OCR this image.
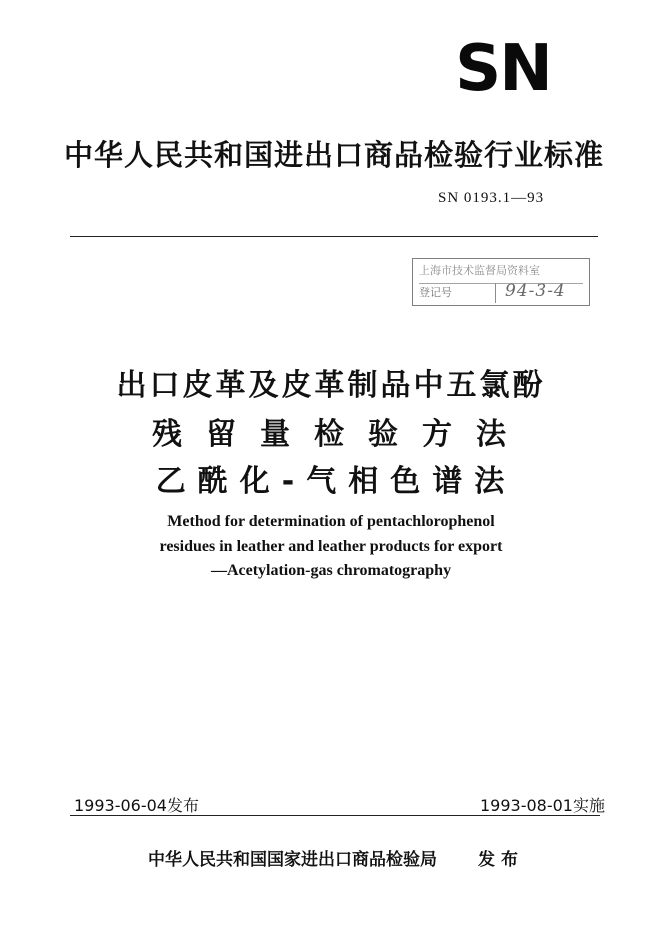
SN
中华人民共和国进出口商品检验行业标准
SN 0193.1—93
上海市技术监督局资料室
登记号	94-3-4
出口皮革及皮革制品中五氯酚
残留量检验方法
乙酰化-气相色谱法
Method for determination of pentachlorophenol
residues in leather and leather products for export
—Acetylation-gas chromatography
1993-06-04发布	1993-08-01实施
中华人民共和国国家进出口商品检验局 发布
